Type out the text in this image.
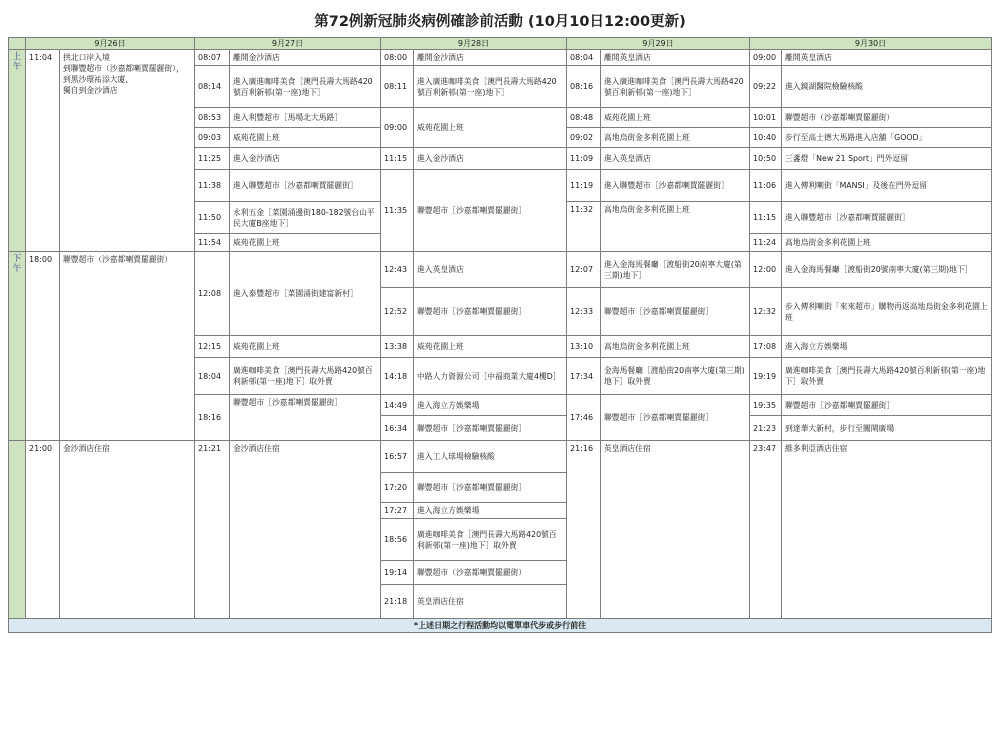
第72例新冠肺炎病例確診前活動 (10月10日12:00更新)
	9月26日		9月27日		9月28日		9月29日		9月30日	
上午	11:04	拱北口岸入境
到聯豐超市（沙嘉都喇賈罷麗街），
到黑沙環祐添大廈，
獨自到金沙酒店	08:07	離開金沙酒店	08:00	離開金沙酒店	08:04	離開英皇酒店	09:00	離開英皇酒店
			08:14	進入廣進咖啡美食［澳門長壽大馬路420號百利新邨(第一座)地下］	08:11	進入廣進咖啡美食［澳門長壽大馬路420號百利新邨(第一座)地下］	08:16	進入廣進咖啡美食［澳門長壽大馬路420號百利新邨(第一座)地下］	09:22	進入鏡湖醫院檢驗核酸
			08:53	進入利豐超市［馬場北大馬路］	09:00	威苑花園上班	08:48	威苑花園上班	10:01	聯豐超市（沙嘉都喇賈罷麗街）
			09:03	威苑花園上班			09:02	高地烏街金多利花園上班	10:40	步行至高士德大馬路進入店舖「GOOD」
			11:25	進入金沙酒店	11:15	進入金沙酒店	11:09	進入英皇酒店	10:50	三盞燈「New 21 Sport」門外逗留
			11:38	進入聯豐超市［沙嘉都喇賈罷麗街］	11:35	聯豐超市［沙嘉都喇賈罷麗街］	11:19	進入聯豐超市［沙嘉都喇賈罷麗街］	11:06	進入傳利喇街「MANSI」及後在門外逗留
			11:50	永利五金［菜園涌邊街180-182號台山平民大廈B座地下］			11:32	高地烏街金多利花園上班	11:15	進入聯豐超市［沙嘉都喇賈罷麗街］
			11:54	威苑花園上班					11:24	高地烏街金多利花園上班
下午	18:00	聯豐超市（沙嘉都喇賈罷麗街）	12:08	進入泰豐超市［菜園涌街建富新村］	12:43	進入英皇酒店	12:07	進入金海馬餐廳［渡船街20南寧大廈(第三期)地下］	12:00	進入金海馬餐廳［渡船街20號南寧大廈(第三期)地下］
					12:52	聯豐超市［沙嘉都喇賈罷麗街］	12:33	聯豐超市［沙嘉都喇賈罷麗街］	12:32	步入傳利喇街「來來超市」購物再返高地烏街金多利花園上班
			12:15	威苑花園上班	13:38	威苑花園上班	13:10	高地烏街金多利花園上班	17:08	進入海立方娛樂場
			18:04	廣進咖啡美食［澳門長壽大馬路420號百利新邨(第一座)地下］取外賣	14:18	中路人力資源公司［中福商業大廈4樓D］	17:34	金海馬餐廳［渡船街20南寧大廈(第三期)地下］取外賣	19:19	廣進咖啡美食［澳門長壽大馬路420號百利新邨(第一座)地下］取外賣
			18:16	聯豐超市［沙嘉都喇賈罷麗街］	14:49	進入海立方娛樂場	17:46	聯豐超市［沙嘉都喇賈罷麗街］	19:35	聯豐超市［沙嘉都喇賈罷麗街］
					16:34	聯豐超市［沙嘉都喇賈罷麗街］			21:23	到達華大新村，步行至關閘廣場
	21:00	金沙酒店住宿	21:21	金沙酒店住宿	16:57	進入工人球場檢驗核酸	21:16	英皇酒店住宿	23:47	維多利亞酒店住宿
					17:20	聯豐超市［沙嘉都喇賈罷麗街］				
					17:27	進入海立方娛樂場				
					18:56	廣進咖啡美食［澳門長壽大馬路420號百利新邨(第一座)地下］取外賣				
					19:14	聯豐超市（沙嘉都喇賈罷麗街）				
					21:18	英皇酒店住宿				
*上述日期之行程活動均以電單車代步或步行前往										
